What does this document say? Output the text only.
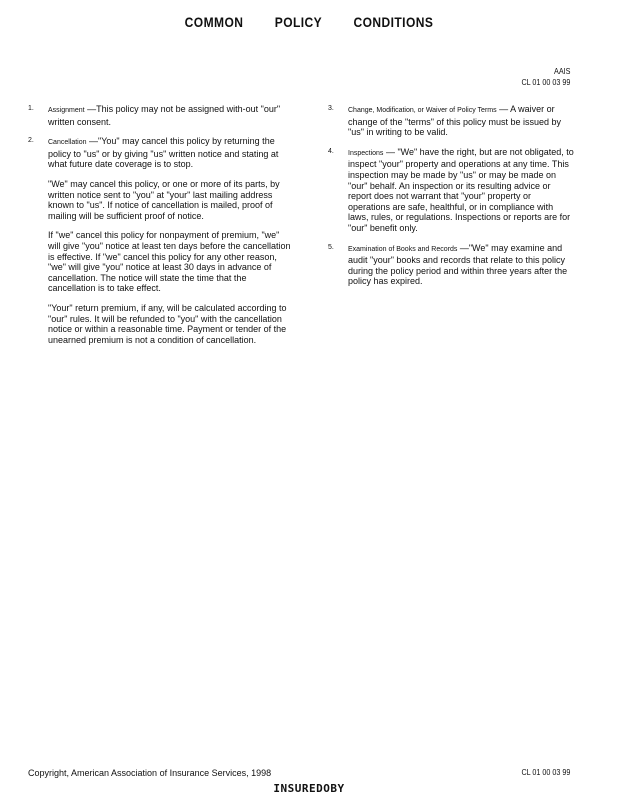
COMMON POLICY CONDITIONS
AAIS
CL 01 00 03 99
1. Assignment —This policy may not be assigned with-out "our" written consent.

2. Cancellation —"You" may cancel this policy by returning the policy to "us" or by giving "us" written notice and stating at what future date coverage is to stop.

"We" may cancel this policy, or one or more of its parts, by written notice sent to "you" at "your" last mailing address known to "us". If notice of cancellation is mailed, proof of mailing will be sufficient proof of notice.

If "we" cancel this policy for nonpayment of premium, "we" will give "you" notice at least ten days before the cancellation is effective. If "we" cancel this policy for any other reason, "we" will give "you" notice at least 30 days in advance of cancellation. The notice will state the time that the cancellation is to take effect.

"Your" return premium, if any, will be calculated according to "our" rules. It will be refunded to "you" with the cancellation notice or within a reasonable time. Payment or tender of the unearned premium is not a condition of cancellation.

3. Change, Modification, or Waiver of Policy Terms — A waiver or change of the "terms" of this policy must be issued by "us" in writing to be valid.

4. Inspections — "We" have the right, but are not obligated, to inspect "your" property and operations at any time. This inspection may be made by "us" or may be made on "our" behalf. An inspection or its resulting advice or report does not warrant that "your" property or operations are safe, healthful, or in compliance with laws, rules, or regulations. Inspections or reports are for "our" benefit only.

5. Examination of Books and Records —"We" may examine and audit "your" books and records that relate to this policy during the policy period and within three years after the policy has expired.

Copyright, American Association of Insurance Services, 1998	CL 01 00 03 99
INSUREDOBY
